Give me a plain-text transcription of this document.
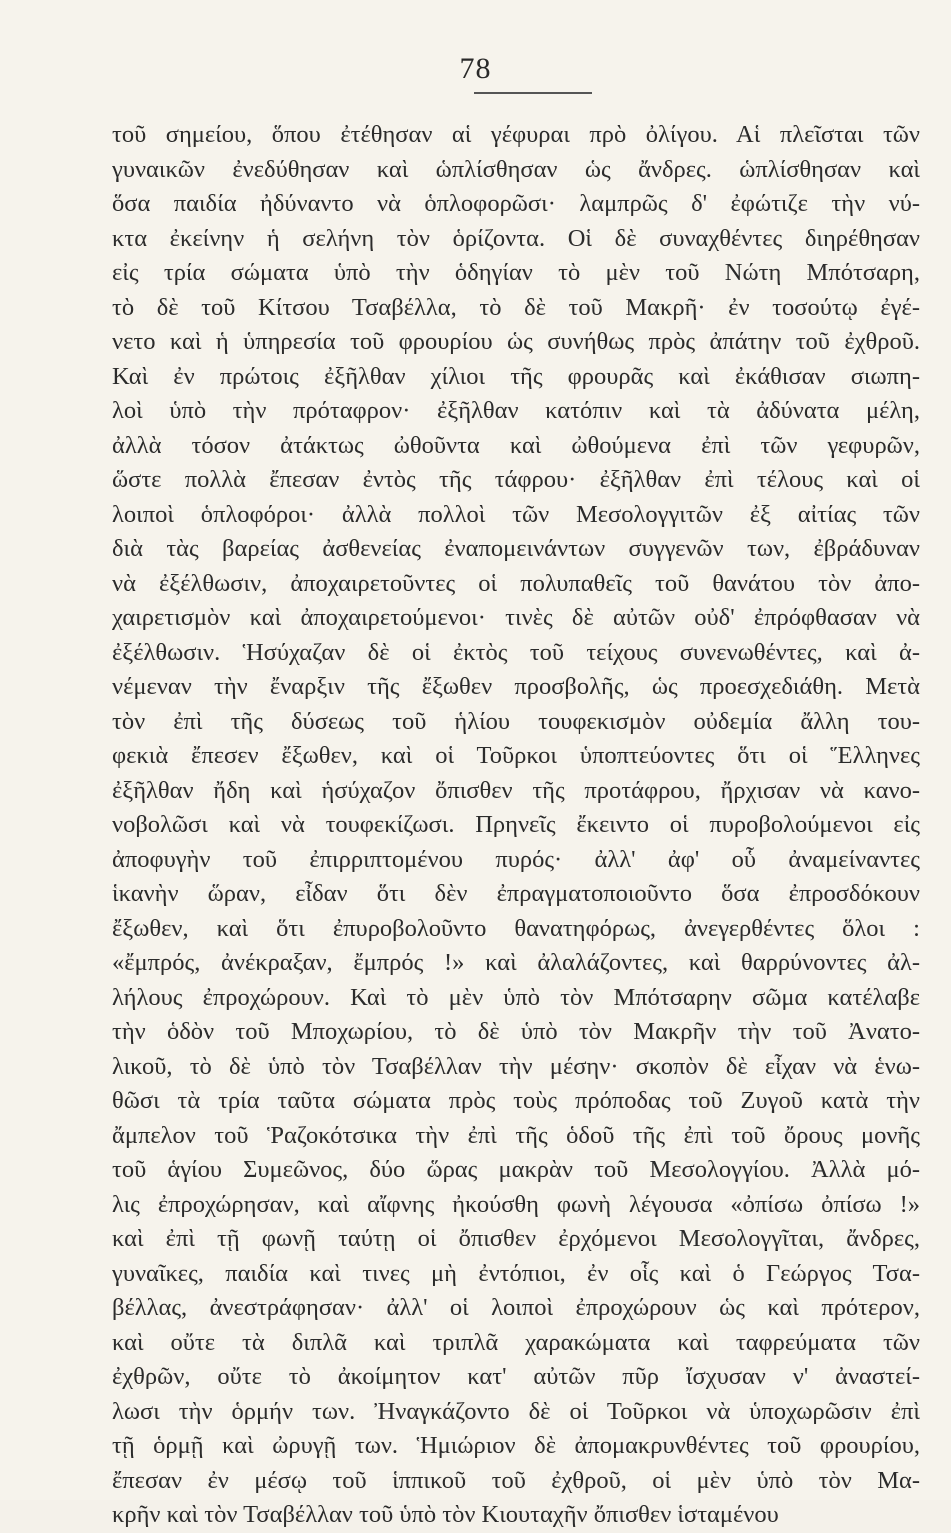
78
τοῦ σημείου, ὅπου ἐτέθησαν αἱ γέφυραι πρὸ ὀλίγου. Αἱ πλεῖσται τῶν
γυναικῶν ἐνεδύθησαν καὶ ὡπλίσθησαν ὡς ἄνδρες. ὡπλίσθησαν καὶ
ὅσα παιδία ἠδύναντο νὰ ὁπλοφορῶσι· λαμπρῶς δ' ἐφώτιζε τὴν νύ-
κτα ἐκείνην ἡ σελήνη τὸν ὁρίζοντα. Οἱ δὲ συναχθέντες διηρέθησαν
εἰς τρία σώματα ὑπὸ τὴν ὁδηγίαν τὸ μὲν τοῦ Νώτη Μπότσαρη,
τὸ δὲ τοῦ Κίτσου Τσαβέλλα, τὸ δὲ τοῦ Μακρῆ· ἐν τοσούτῳ ἐγέ-
νετο καὶ ἡ ὑπηρεσία τοῦ φρουρίου ὡς συνήθως πρὸς ἀπάτην τοῦ ἐχθροῦ.
Καὶ ἐν πρώτοις ἐξῆλθαν χίλιοι τῆς φρουρᾶς καὶ ἐκάθισαν σιωπη-
λοὶ ὑπὸ τὴν πρόταφρον· ἐξῆλθαν κατόπιν καὶ τὰ ἀδύνατα μέλη,
ἀλλὰ τόσον ἀτάκτως ὠθοῦντα καὶ ὠθούμενα ἐπὶ τῶν γεφυρῶν,
ὥστε πολλὰ ἔπεσαν ἐντὸς τῆς τάφρου· ἐξῆλθαν ἐπὶ τέλους καὶ οἱ
λοιποὶ ὁπλοφόροι· ἀλλὰ πολλοὶ τῶν Μεσολογγιτῶν ἐξ αἰτίας τῶν
διὰ τὰς βαρείας ἀσθενείας ἐναπομεινάντων συγγενῶν των, ἐβράδυναν
νὰ ἐξέλθωσιν, ἀποχαιρετοῦντες οἱ πολυπαθεῖς τοῦ θανάτου τὸν ἀπο-
χαιρετισμὸν καὶ ἀποχαιρετούμενοι· τινὲς δὲ αὐτῶν οὐδ' ἐπρόφθασαν νὰ
ἐξέλθωσιν. Ἡσύχαζαν δὲ οἱ ἐκτὸς τοῦ τείχους συνενωθέντες, καὶ ἀ-
νέμεναν τὴν ἔναρξιν τῆς ἔξωθεν προσβολῆς, ὡς προεσχεδιάθη. Μετὰ
τὸν ἐπὶ τῆς δύσεως τοῦ ἡλίου τουφεκισμὸν οὐδεμία ἄλλη του-
φεκιὰ ἔπεσεν ἔξωθεν, καὶ οἱ Τοῦρκοι ὑποπτεύοντες ὅτι οἱ Ἕλληνες
ἐξῆλθαν ἤδη καὶ ἡσύχαζον ὄπισθεν τῆς προτάφρου, ἤρχισαν νὰ κανο-
νοβολῶσι καὶ νὰ τουφεκίζωσι. Πρηνεῖς ἔκειντο οἱ πυροβολούμενοι εἰς
ἀποφυγὴν τοῦ ἐπιρριπτομένου πυρός· ἀλλ' ἀφ' οὗ ἀναμείναντες
ἱκανὴν ὥραν, εἶδαν ὅτι δὲν ἐπραγματοποιοῦντο ὅσα ἐπροσδόκουν
ἔξωθεν, καὶ ὅτι ἐπυροβολοῦντο θανατηφόρως, ἀνεγερθέντες ὅλοι :
«ἔμπρός, ἀνέκραξαν, ἔμπρός !» καὶ ἀλαλάζοντες, καὶ θαρρύνοντες ἀλ-
λήλους ἐπροχώρουν. Καὶ τὸ μὲν ὑπὸ τὸν Μπότσαρην σῶμα κατέλαβε
τὴν ὁδὸν τοῦ Μποχωρίου, τὸ δὲ ὑπὸ τὸν Μακρῆν τὴν τοῦ Ἀνατο-
λικοῦ, τὸ δὲ ὑπὸ τὸν Τσαβέλλαν τὴν μέσην· σκοπὸν δὲ εἶχαν νὰ ἑνω-
θῶσι τὰ τρία ταῦτα σώματα πρὸς τοὺς πρόποδας τοῦ Ζυγοῦ κατὰ τὴν
ἄμπελον τοῦ Ῥαζοκότσικα τὴν ἐπὶ τῆς ὁδοῦ τῆς ἐπὶ τοῦ ὄρους μονῆς
τοῦ ἁγίου Συμεῶνος, δύο ὥρας μακρὰν τοῦ Μεσολογγίου. Ἀλλὰ μό-
λις ἐπροχώρησαν, καὶ αἴφνης ἠκούσθη φωνὴ λέγουσα «ὀπίσω ὀπίσω !»
καὶ ἐπὶ τῇ φωνῇ ταύτῃ οἱ ὄπισθεν ἐρχόμενοι Μεσολογγῖται, ἄνδρες,
γυναῖκες, παιδία καὶ τινες μὴ ἐντόπιοι, ἐν οἷς καὶ ὁ Γεώργος Τσα-
βέλλας, ἀνεστράφησαν· ἀλλ' οἱ λοιποὶ ἐπροχώρουν ὡς καὶ πρότερον,
καὶ οὔτε τὰ διπλᾶ καὶ τριπλᾶ χαρακώματα καὶ ταφρεύματα τῶν
ἐχθρῶν, οὔτε τὸ ἀκοίμητον κατ' αὐτῶν πῦρ ἴσχυσαν ν' ἀναστεί-
λωσι τὴν ὁρμήν των. Ἠναγκάζοντο δὲ οἱ Τοῦρκοι νὰ ὑποχωρῶσιν ἐπὶ
τῇ ὁρμῇ καὶ ὠρυγῇ των. Ἡμιώριον δὲ ἀπομακρυνθέντες τοῦ φρουρίου,
ἔπεσαν ἐν μέσῳ τοῦ ἱππικοῦ τοῦ ἐχθροῦ, οἱ μὲν ὑπὸ τὸν Μα-
κρῆν καὶ τὸν Τσαβέλλαν τοῦ ὑπὸ τὸν Κιουταχῆν ὄπισθεν ἱσταμένου
